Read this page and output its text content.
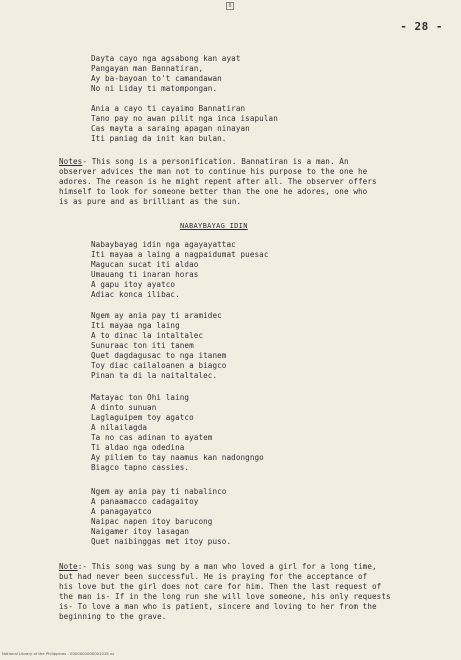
8
- 28 -
Dayta cayo nga agsabong kan ayat
Pangayan man Bannatiran,
Ay ba-bayoan to't camandawan
No ni Liday ti matompongan.
Ania a cayo ti cayaimo Bannatiran
Tano pay no awan pilit nga inca isapulan
Cas mayta a saraing apagan ninayan
Iti paniag da init kan bulan.
Notes- This song is a personification. Bannatiran is a man. An
observer advices the man not to continue his purpose to the one he
adores. The reason is he might repent after all. The observer offers
himself to look for someone better than the one he adores, one who
is as pure and as brilliant as the sun.
NABAYBAYAG IDIN
Nabaybayag idin nga agayayattac
Iti mayaa a laing a nagpaidumat puesac
Magucan sucat iti aldao
Umauang ti inaran horas
A gapu itoy ayatco
Adiac konca ilibac.
Ngem ay ania pay ti aramidec
Iti mayaa nga laing
A to dinac la intaltalec
Sunuraac ton iti tanem
Quet dagdagusac to nga itanem
Toy diac cailaloanen a biagco
Pinan ta di la naitaltalec.
Matayac ton Ohi laing
A dinto sunuan
Laglaguipem toy agatco
A nilailagda
Ta no cas adinan to ayatem
Ti aldao nga odedina
Ay piliem to tay naamus kan nadongngo
Biagco tapno cassies.
Ngem ay ania pay ti nabalinco
A panaamacco cadagaitoy
A panagayatco
Naipac napen itoy barucong
Naigamer itoy lasagan
Quet naibinggas met itoy puso.
Note:- This song was sung by a man who loved a girl for a long time,
but had never been successful. He is praying for the acceptance of
his love but the girl does not care for him. Then the last request of
the man is- If in the long run she will love someone, his only requests
is- To love a man who is patient, sincere and loving to her from the
beginning to the grave.
National Library of the Philippines - 0000000000001018 xx
